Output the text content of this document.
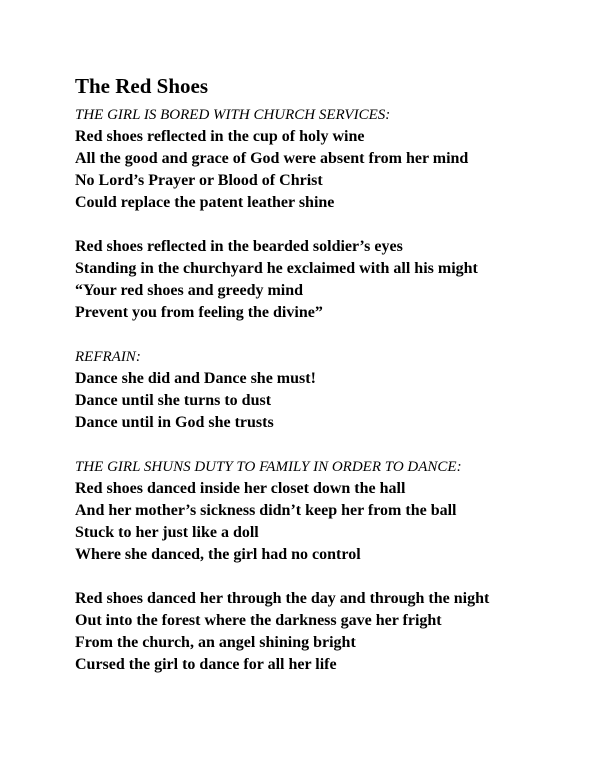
The Red Shoes
THE GIRL IS BORED WITH CHURCH SERVICES:
Red shoes reflected in the cup of holy wine
All the good and grace of God were absent from her mind
No Lord’s Prayer or Blood of Christ
Could replace the patent leather shine
Red shoes reflected in the bearded soldier’s eyes
Standing in the churchyard he exclaimed with all his might
“Your red shoes and greedy mind
Prevent you from feeling the divine”
REFRAIN:
Dance she did and Dance she must!
Dance until she turns to dust
Dance until in God she trusts
THE GIRL SHUNS DUTY TO FAMILY IN ORDER TO DANCE:
Red shoes danced inside her closet down the hall
And her mother’s sickness didn’t keep her from the ball
Stuck to her just like a doll
Where she danced, the girl had no control
Red shoes danced her through the day and through the night
Out into the forest where the darkness gave her fright
From the church, an angel shining bright
Cursed the girl to dance for all her life
